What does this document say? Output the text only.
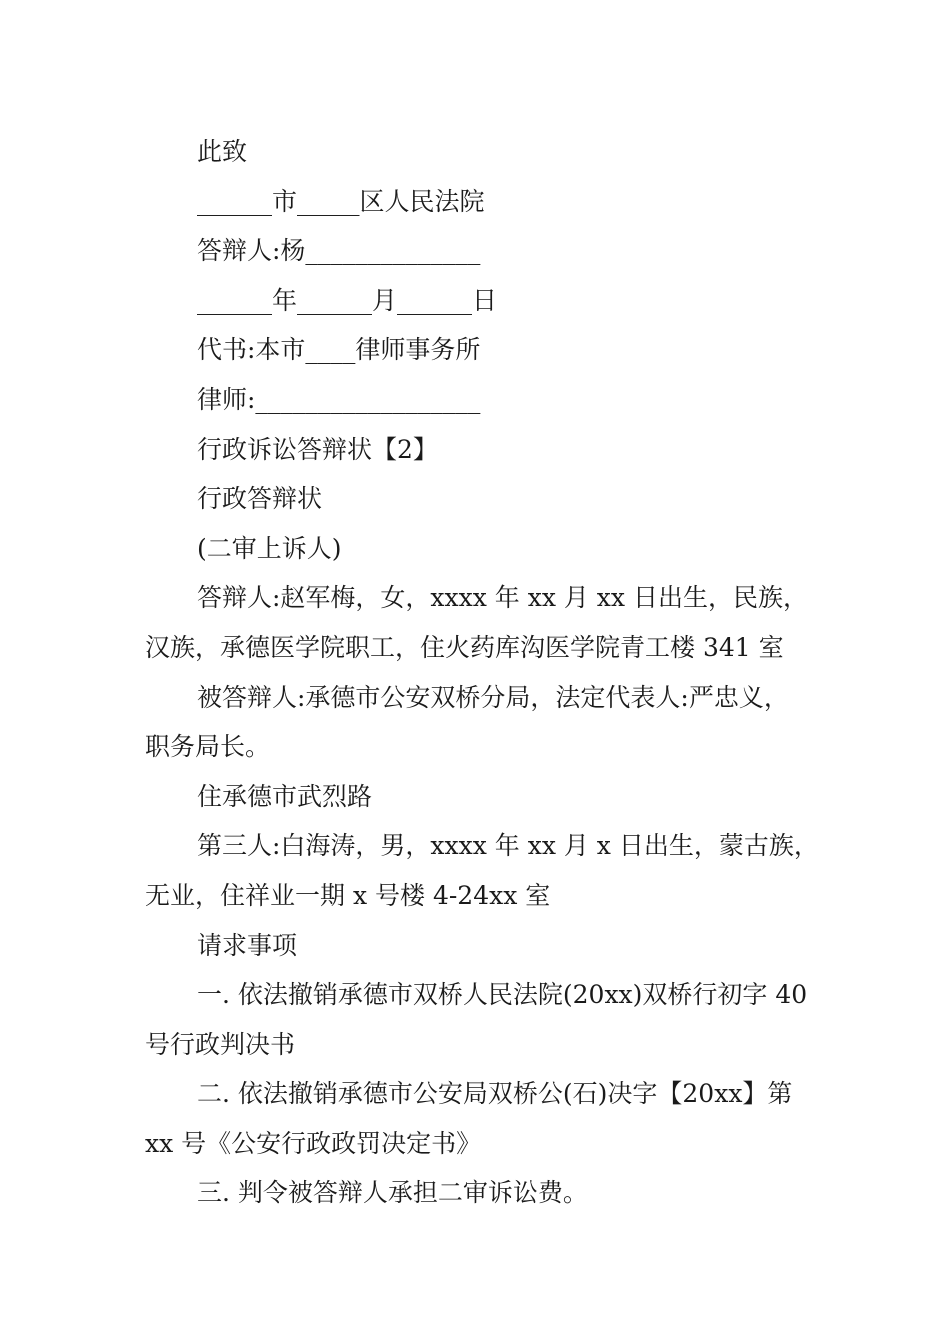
此致
______市_____区人民法院
答辩人:杨______________
______年______月______日
代书:本市____律师事务所
律师:__________________
行政诉讼答辩状【2】
行政答辩状
(二审上诉人)
答辩人:赵军梅，女，xxxx 年 xx 月 xx 日出生，民族，
汉族，承德医学院职工，住火药库沟医学院青工楼 341 室
被答辩人:承德市公安双桥分局，法定代表人:严忠义，
职务局长。
住承德市武烈路
第三人:白海涛，男，xxxx 年 xx 月 x 日出生，蒙古族，
无业，住祥业一期 x 号楼 4-24xx 室
请求事项
一. 依法撤销承德市双桥人民法院(20xx)双桥行初字 40
号行政判决书
二. 依法撤销承德市公安局双桥公(石)决字【20xx】第
xx 号《公安行政政罚决定书》
三. 判令被答辩人承担二审诉讼费。
